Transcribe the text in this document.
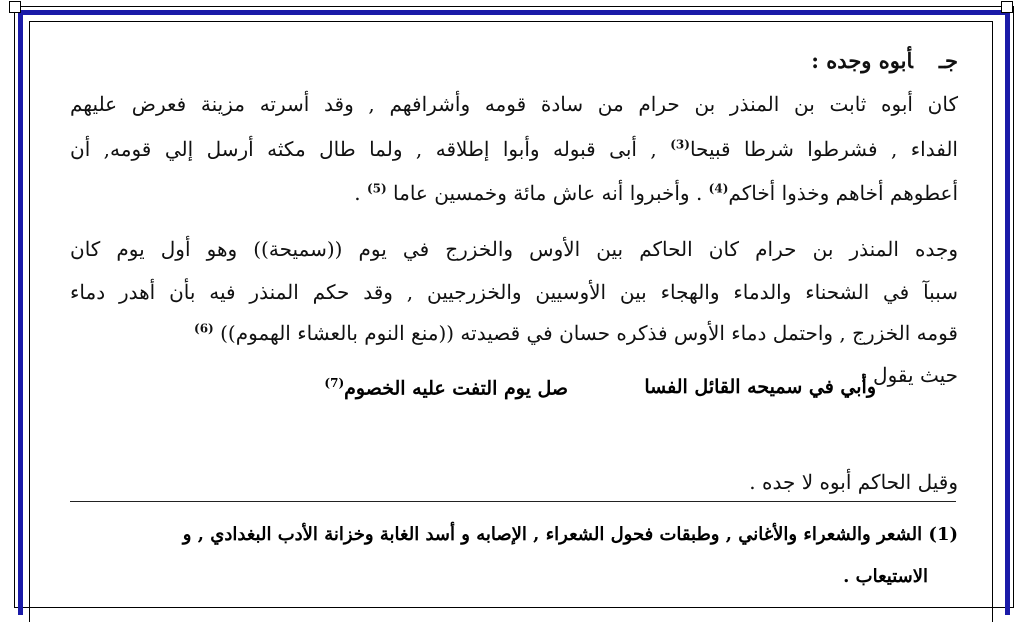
جـأبوه وجده :
كان أبوه ثابت بن المنذر بن حرام من سادة قومه وأشرافهم , وقد أسرته مزينة فعرض عليهم
الفداء , فشرطوا شرطا قبيحا$^{(3)}$ , أبى قبوله وأبوا إطلاقه , ولما طال مكثه أرسل إلي قومه, أن
أعطوهم أخاهم وخذوا أخاكم$^{(4)}$ . وأخبروا أنه عاش مائة وخمسين عاما $^{(5)}$ .
وجده المنذر بن حرام كان الحاكم بين الأوس والخزرج في يوم ((سميحة)) وهو أول يوم كان
سببآ في الشحناء والدماء والهجاء بين الأوسيين والخزرجيين , وقد حكم المنذر فيه بأن أهدر دماء
قومه الخزرج , واحتمل دماء الأوس فذكره حسان في قصيدته ((منع النوم بالعشاء الهموم)) $^{(6)}$
حيث يقول :
وقيل الحاكم أبوه لا جده .
وأبي في سميحه القائل الفسا
صل يوم التفت عليه الخصوم$^{(7)}$
(1) الشعر والشعراء والأغاني , وطبقات فحول الشعراء , الإصابه و أسد الغابة وخزانة الأدب البغدادي , و
الاستيعاب .
